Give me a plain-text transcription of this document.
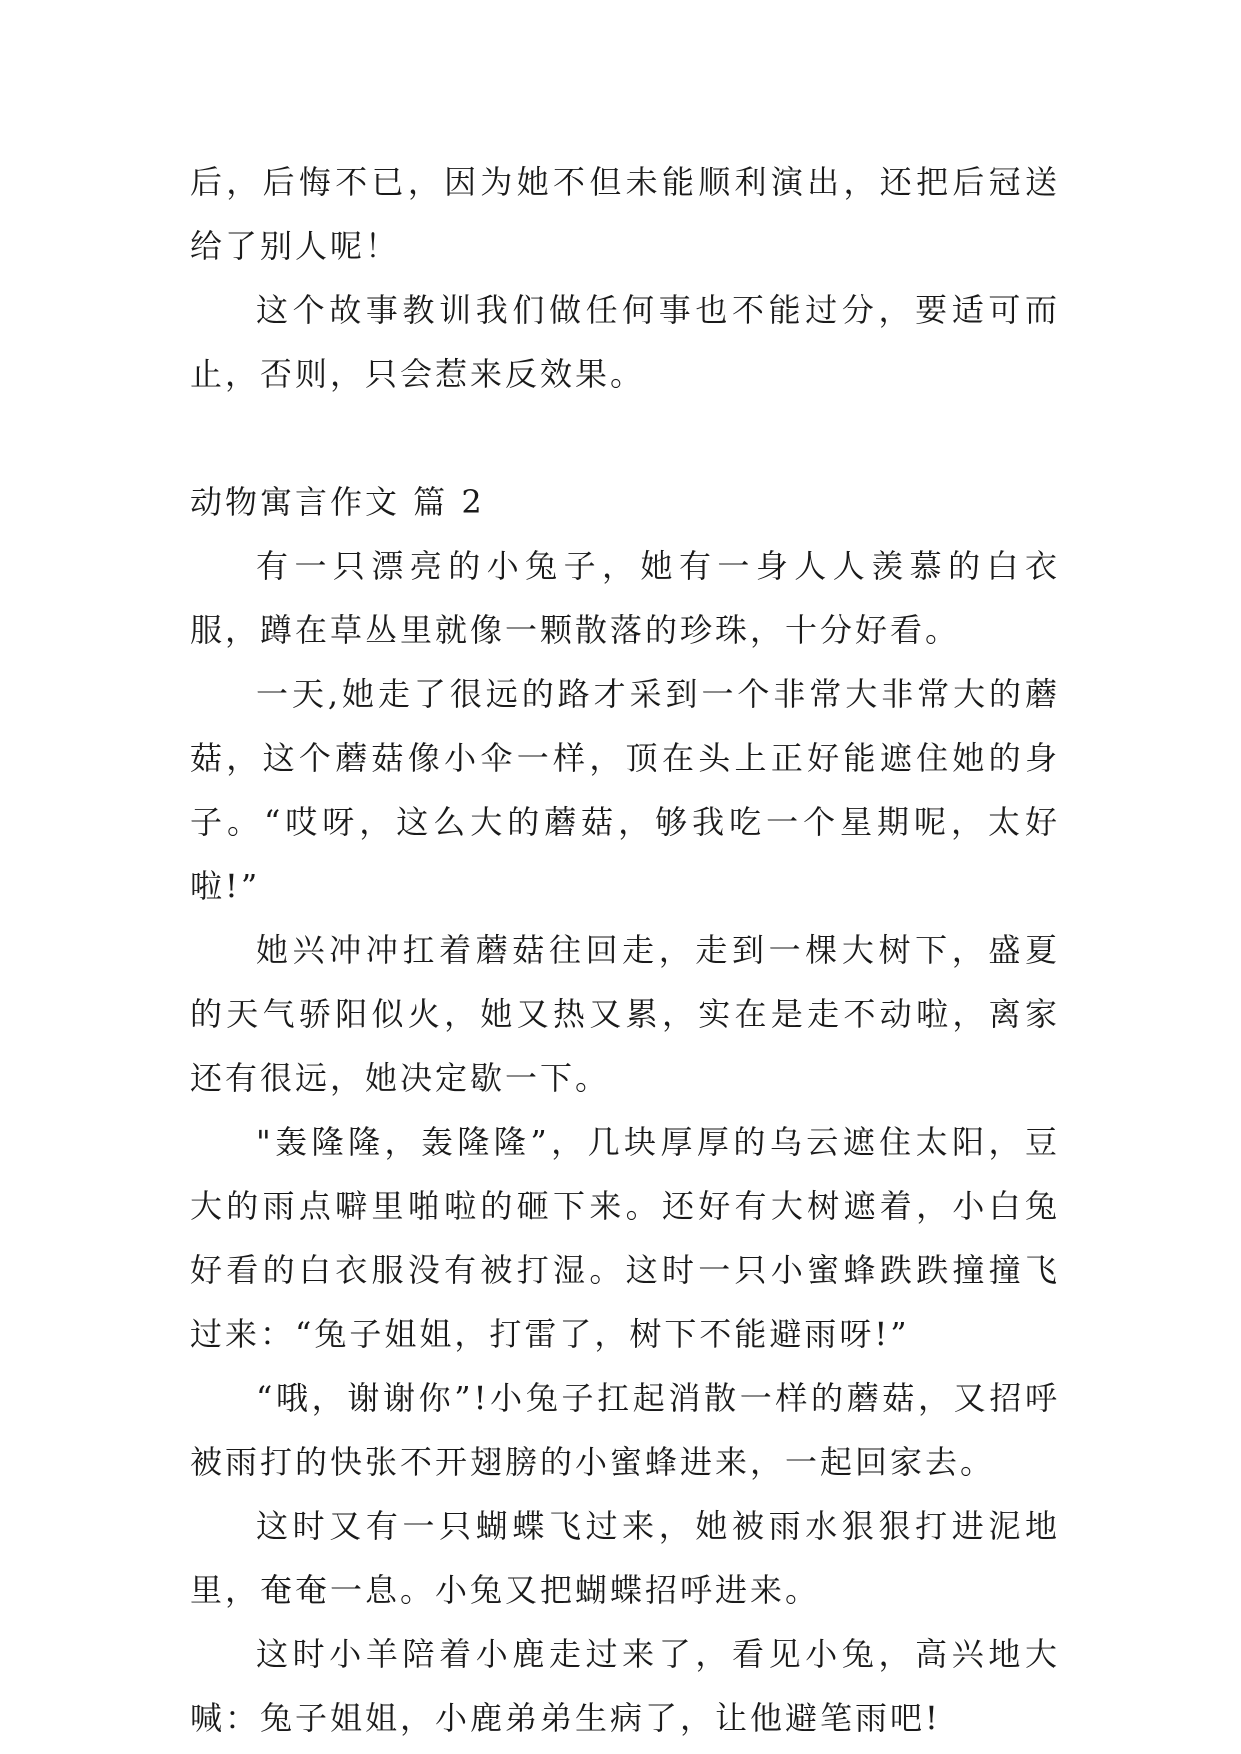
后，后悔不已，因为她不但未能顺利演出，还把后冠送给了别人呢！

这个故事教训我们做任何事也不能过分，要适可而止，否则，只会惹来反效果。

动物寓言作文 篇 2

有一只漂亮的小兔子，她有一身人人羡慕的白衣服，蹲在草丛里就像一颗散落的珍珠，十分好看。

一天,她走了很远的路才采到一个非常大非常大的蘑菇，这个蘑菇像小伞一样，顶在头上正好能遮住她的身子。“哎呀，这么大的蘑菇，够我吃一个星期呢，太好啦!”

她兴冲冲扛着蘑菇往回走，走到一棵大树下，盛夏的天气骄阳似火，她又热又累，实在是走不动啦，离家还有很远，她决定歇一下。

"轰隆隆，轰隆隆”，几块厚厚的乌云遮住太阳，豆大的雨点噼里啪啦的砸下来。还好有大树遮着，小白兔好看的白衣服没有被打湿。这时一只小蜜蜂跌跌撞撞飞过来：“兔子姐姐，打雷了，树下不能避雨呀!”

“哦，谢谢你”!小兔子扛起消散一样的蘑菇，又招呼被雨打的快张不开翅膀的小蜜蜂进来，一起回家去。

这时又有一只蝴蝶飞过来，她被雨水狠狠打进泥地里，奄奄一息。小兔又把蝴蝶招呼进来。

这时小羊陪着小鹿走过来了，看见小兔，高兴地大喊：兔子姐姐，小鹿弟弟生病了，让他避笔雨吧!
